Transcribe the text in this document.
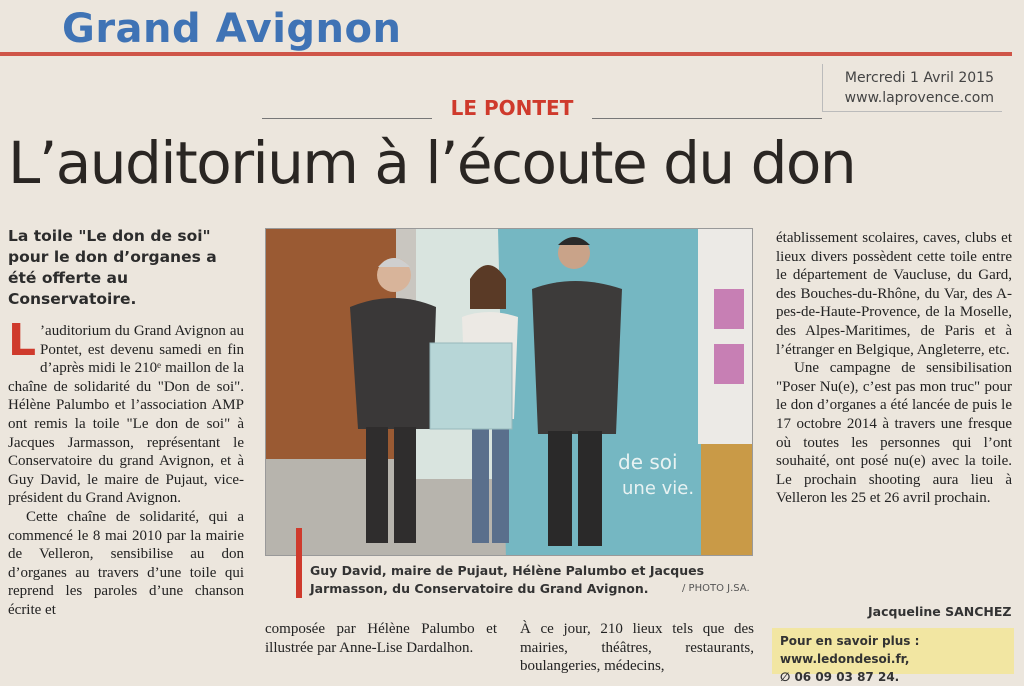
Grand Avignon
Mercredi 1 Avril 2015
www.laprovence.com
LE PONTET
L’auditorium à l’écoute du don
La toile "Le don de soi" pour le don d’organes a été offerte au Conservatoire.

L ’auditorium du Grand Avignon au Pontet, est devenu samedi en fin d’après midi le 210ᵉ maillon de la chaîne de solidarité du "Don de soi". Hélène Palumbo et l’association AMP ont remis la toile "Le don de soi" à Jacques Jarmasson, représentant le Conservatoire du grand Avignon, et à Guy David, le maire de Pujaut, vice-président du Grand Avignon.

Cette chaîne de solidarité, qui a commencé le 8 mai 2010 par la mairie de Velleron, sensibilise au don d’organes au travers d’une toile qui reprend les paroles d’une chanson écrite et

de soi
une vie.
Guy David, maire de Pujaut, Hélène Palumbo et Jacques Jarmasson, du Conservatoire du Grand Avignon.	/ PHOTO J.SA.
composée par Hélène Palumbo et illustrée par Anne-Lise Dardalhon.
À ce jour, 210 lieux tels que des mairies, théâtres, restaurants, boulangeries, médecins,

établissement scolaires, caves, clubs et lieux divers possèdent cette toile entre le département de Vaucluse, du Gard, des Bouches-du-Rhône, du Var, des A-pes-de-Haute-Provence, de la Moselle, des Alpes-Maritimes, de Paris et à l’étranger en Belgique, Angleterre, etc.

Une campagne de sensibilisation "Poser Nu(e), c’est pas mon truc" pour le don d’organes a été lancée de puis le 17 octobre 2014 à travers une fresque où toutes les personnes qui l’ont souhaité, ont posé nu(e) avec la toile. Le prochain shooting aura lieu à Velleron les 25 et 26 avril prochain.

Jacqueline SANCHEZ
Pour en savoir plus : www.ledondesoi.fr,
∅ 06 09 03 87 24.
